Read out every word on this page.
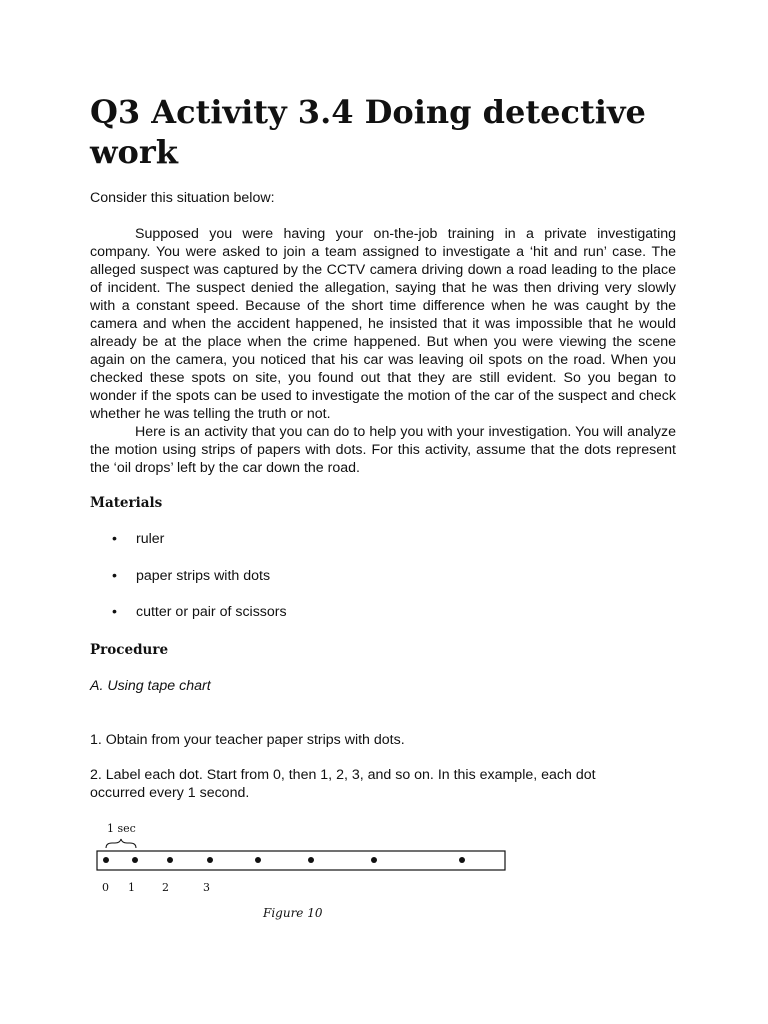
Q3 Activity 3.4 Doing detective work

Consider this situation below:

Supposed you were having your on-the-job training in a private investigating company. You were asked to join a team assigned to investigate a ‘hit and run’ case. The alleged suspect was captured by the CCTV camera driving down a road leading to the place of incident. The suspect denied the allegation, saying that he was then driving very slowly with a constant speed. Because of the short time difference when he was caught by the camera and when the accident happened, he insisted that it was impossible that he would already be at the place when the crime happened. But when you were viewing the scene again on the camera, you noticed that his car was leaving oil spots on the road. When you checked these spots on site, you found out that they are still evident. So you began to wonder if the spots can be used to investigate the motion of the car of the suspect and check whether he was telling the truth or not.

Here is an activity that you can do to help you with your investigation. You will analyze the motion using strips of papers with dots. For this activity, assume that the dots represent the ‘oil drops’ left by the car down the road.

Materials
• ruler
• paper strips with dots
• cutter or pair of scissors
Procedure

A. Using tape chart

1. Obtain from your teacher paper strips with dots.

2. Label each dot. Start from 0, then 1, 2, 3, and so on. In this example, each dot occurred every 1 second.

1 sec
0 1 2	3
Figure 10
